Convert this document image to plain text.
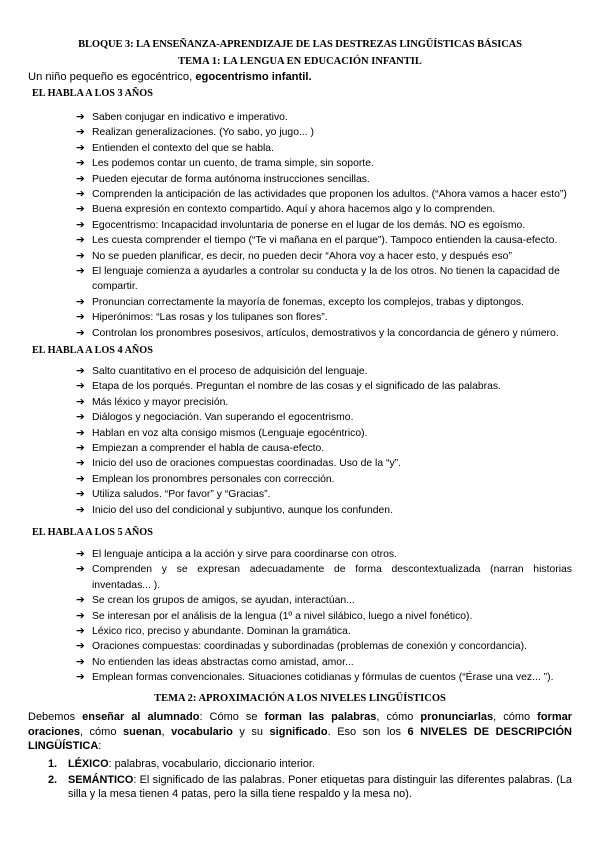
BLOQUE 3: LA ENSEÑANZA-APRENDIZAJE DE LAS DESTREZAS LINGÜÍSTICAS BÁSICAS
TEMA 1: LA LENGUA EN EDUCACIÓN INFANTIL
Un niño pequeño es egocéntrico, egocentrismo infantil.
EL HABLA A LOS 3 AÑOS
➔ Saben conjugar en indicativo e imperativo.
➔ Realizan generalizaciones. (Yo sabo, yo jugo... )
➔ Entienden el contexto del que se habla.
➔ Les podemos contar un cuento, de trama simple, sin soporte.
➔ Pueden ejecutar de forma autónoma instrucciones sencillas.
➔ Comprenden la anticipación de las actividades que proponen los adultos. (“Ahora vamos a hacer esto”)
➔ Buena expresión en contexto compartido. Aquí y ahora hacemos algo y lo comprenden.
➔ Egocentrismo: Incapacidad involuntaria de ponerse en el lugar de los demás. NO es egoísmo.
➔ Les cuesta comprender el tiempo (“Te vi mañana en el parque”). Tampoco entienden la causa-efecto.
➔ No se pueden planificar, es decir, no pueden decir “Ahora voy a hacer esto, y después eso”
➔ El lenguaje comienza a ayudarles a controlar su conducta y la de los otros. No tienen la capacidad de compartir.
➔ Pronuncian correctamente la mayoría de fonemas, excepto los complejos, trabas y diptongos.
➔ Hiperónimos: “Las rosas y los tulipanes son flores”.
➔ Controlan los pronombres posesivos, artículos, demostrativos y la concordancia de género y número.
EL HABLA A LOS 4 AÑOS
➔ Salto cuantitativo en el proceso de adquisición del lenguaje.
➔ Etapa de los porqués. Preguntan el nombre de las cosas y el significado de las palabras.
➔ Más léxico y mayor precisión.
➔ Diálogos y negociación. Van superando el egocentrismo.
➔ Hablan en voz alta consigo mismos (Lenguaje egocéntrico).
➔ Empiezan a comprender el habla de causa-efecto.
➔ Inicio del uso de oraciones compuestas coordinadas. Uso de la “y”.
➔ Emplean los pronombres personales con corrección.
➔ Utiliza saludos. “Por favor” y “Gracias”.
➔ Inicio del uso del condicional y subjuntivo, aunque los confunden.
EL HABLA A LOS 5 AÑOS
➔ El lenguaje anticipa a la acción y sirve para coordinarse con otros.
➔ Comprenden y se expresan adecuadamente de forma descontextualizada (narran historias inventadas... ).
➔ Se crean los grupos de amigos, se ayudan, interactúan...
➔ Se interesan por el análisis de la lengua (1º a nivel silábico, luego a nivel fonético).
➔ Léxico rico, preciso y abundante. Dominan la gramática.
➔ Oraciones compuestas: coordinadas y subordinadas (problemas de conexión y concordancia).
➔ No entienden las ideas abstractas como amistad, amor...
➔ Emplean formas convencionales. Situaciones cotidianas y fórmulas de cuentos (“Érase una vez... ”).
TEMA 2: APROXIMACIÓN A LOS NIVELES LINGÜÍSTICOS
Debemos enseñar al alumnado: Cómo se forman las palabras, cómo pronunciarlas, cómo formar oraciones, cómo suenan, vocabulario y su significado. Eso son los 6 NIVELES DE DESCRIPCIÓN LINGÜÍSTICA:
1. LÉXICO: palabras, vocabulario, diccionario interior.
2. SEMÁNTICO: El significado de las palabras. Poner etiquetas para distinguir las diferentes palabras. (La silla y la mesa tienen 4 patas, pero la silla tiene respaldo y la mesa no).
